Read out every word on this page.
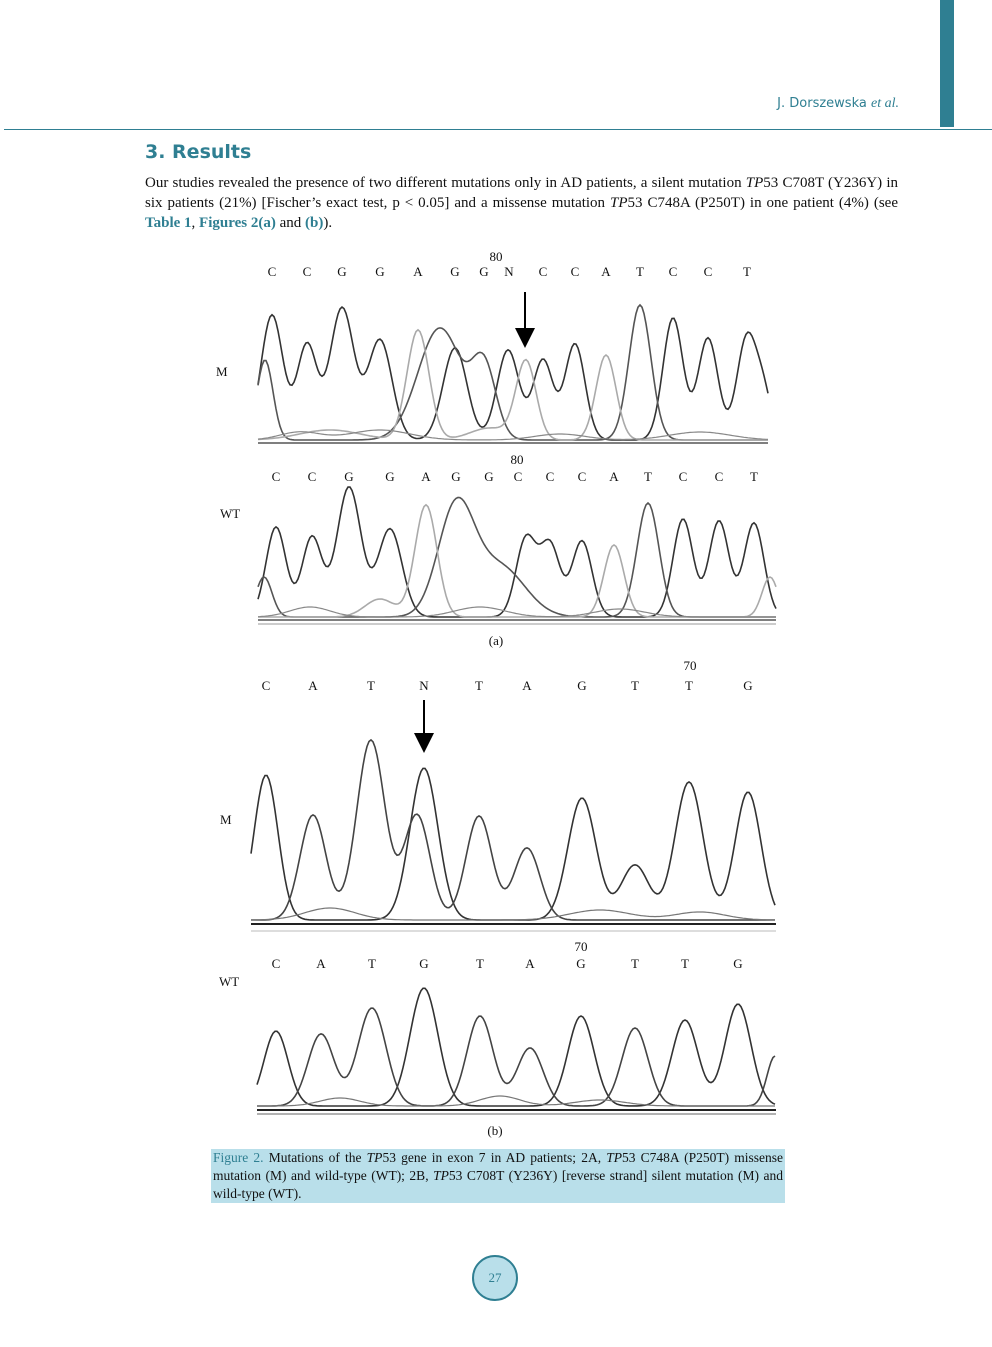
J. Dorszewska et al.
3. Results

Our studies revealed the presence of two different mutations only in AD patients, a silent mutation TP53 C708T (Y236Y) in six patients (21%) [Fischer’s exact test, p < 0.05] and a missense mutation TP53 C748A (P250T) in one patient (4%) (see Table 1, Figures 2(a) and (b)).

80
C C G G A G G N C C A T C C T
M
80
C C G G A G G C C C A T C C T
WT
(a)
70
C	A	T	N	T	A	G	T	T	G
M
70
C	A	T	G	T	A	G	T	T	G
WT
(b)

Figure 2. Mutations of the TP53 gene in exon 7 in AD patients; 2A, TP53 C748A (P250T) missense mutation (M) and wild-type (WT); 2B, TP53 C708T (Y236Y) [reverse strand] silent mutation (M) and wild-type (WT).

27
